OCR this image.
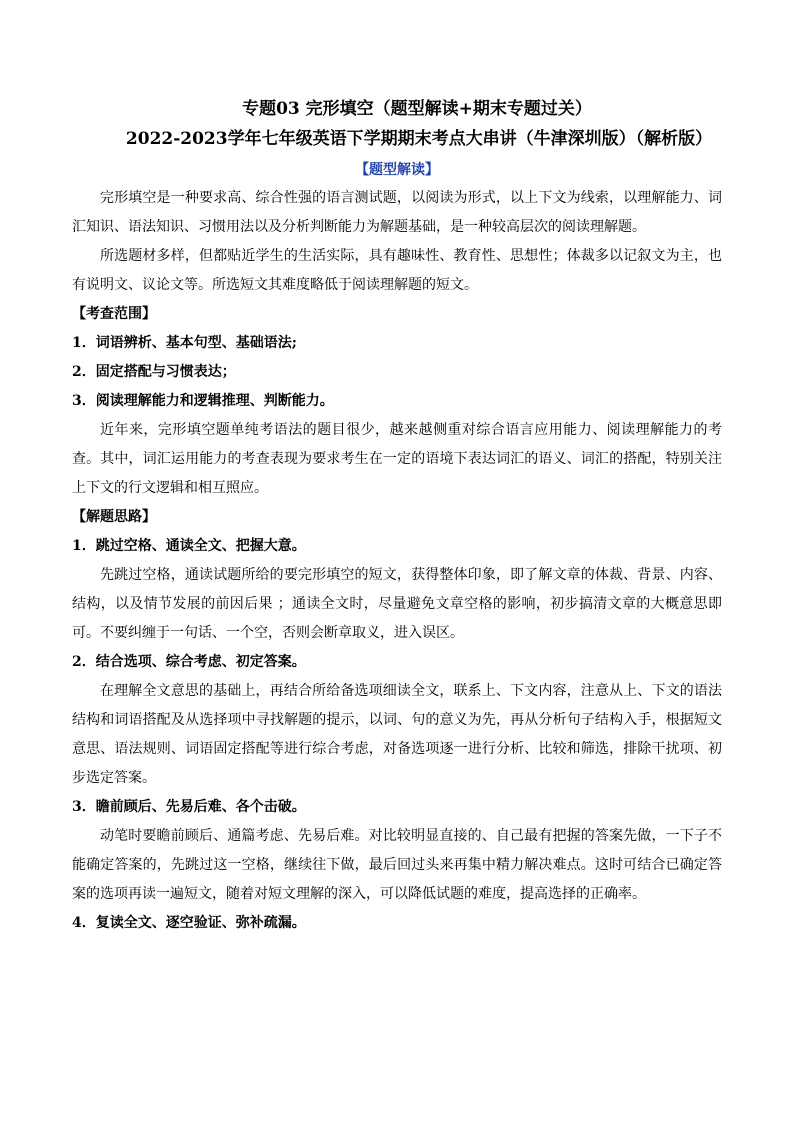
专题03 完形填空（题型解读+期末专题过关）

2022-2023学年七年级英语下学期期末考点大串讲（牛津深圳版）（解析版）

【题型解读】

完形填空是一种要求高、综合性强的语言测试题，以阅读为形式，以上下文为线索，以理解能力、词汇知识、语法知识、习惯用法以及分析判断能力为解题基础，是一种较高层次的阅读理解题。

所选题材多样，但都贴近学生的生活实际，具有趣味性、教育性、思想性；体裁多以记叙文为主，也有说明文、议论文等。所选短文其难度略低于阅读理解题的短文。

【考查范围】

1．词语辨析、基本句型、基础语法;

2．固定搭配与习惯表达；

3．阅读理解能力和逻辑推理、判断能力。

近年来，完形填空题单纯考语法的题目很少，越来越侧重对综合语言应用能力、阅读理解能力的考查。其中，词汇运用能力的考查表现为要求考生在一定的语境下表达词汇的语义、词汇的搭配，特别关注上下文的行文逻辑和相互照应。

【解题思路】

1．跳过空格、通读全文、把握大意。

先跳过空格，通读试题所给的要完形填空的短文，获得整体印象，即了解文章的体裁、背景、内容、结构，以及情节发展的前因后果 ；通读全文时，尽量避免文章空格的影响，初步搞清文章的大概意思即可。不要纠缠于一句话、一个空，否则会断章取义，进入误区。

2．结合选项、综合考虑、初定答案。

在理解全文意思的基础上，再结合所给备选项细读全文，联系上、下文内容，注意从上、下文的语法结构和词语搭配及从选择项中寻找解题的提示，以词、句的意义为先，再从分析句子结构入手，根据短文意思、语法规则、词语固定搭配等进行综合考虑，对备选项逐一进行分析、比较和筛选，排除干扰项、初步选定答案。

3．瞻前顾后、先易后难、各个击破。

动笔时要瞻前顾后、通篇考虑、先易后难。对比较明显直接的、自己最有把握的答案先做，一下子不能确定答案的，先跳过这一空格，继续往下做，最后回过头来再集中精力解决难点。这时可结合已确定答案的选项再读一遍短文，随着对短文理解的深入，可以降低试题的难度，提高选择的正确率。

4．复读全文、逐空验证、弥补疏漏。
